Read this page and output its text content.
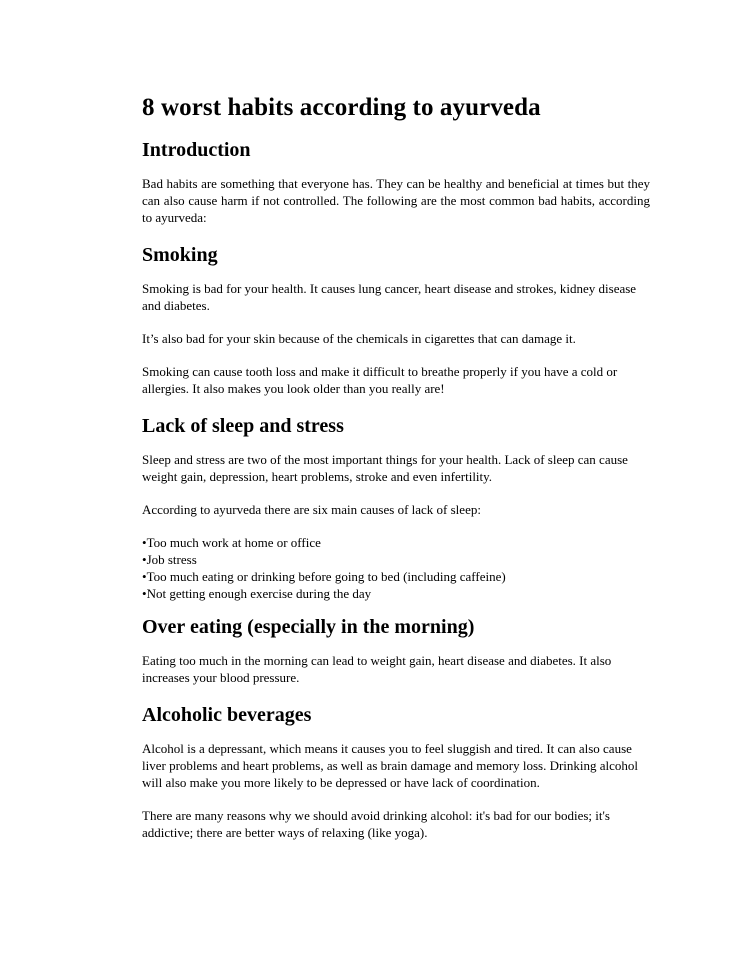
8 worst habits according to ayurveda
Introduction

Bad habits are something that everyone has. They can be healthy and beneficial at times but they can also cause harm if not controlled. The following are the most common bad habits, according to ayurveda:

Smoking

Smoking is bad for your health. It causes lung cancer, heart disease and strokes, kidney disease and diabetes.

It’s also bad for your skin because of the chemicals in cigarettes that can damage it.

Smoking can cause tooth loss and make it difficult to breathe properly if you have a cold or allergies. It also makes you look older than you really are!

Lack of sleep and stress

Sleep and stress are two of the most important things for your health. Lack of sleep can cause weight gain, depression, heart problems, stroke and even infertility.

According to ayurveda there are six main causes of lack of sleep:

• Too much work at home or office
• Job stress
• Too much eating or drinking before going to bed (including caffeine)
• Not getting enough exercise during the day
Over eating (especially in the morning)

Eating too much in the morning can lead to weight gain, heart disease and diabetes. It also increases your blood pressure.

Alcoholic beverages

Alcohol is a depressant, which means it causes you to feel sluggish and tired. It can also cause liver problems and heart problems, as well as brain damage and memory loss. Drinking alcohol will also make you more likely to be depressed or have lack of coordination.

There are many reasons why we should avoid drinking alcohol: it's bad for our bodies; it's addictive; there are better ways of relaxing (like yoga).
